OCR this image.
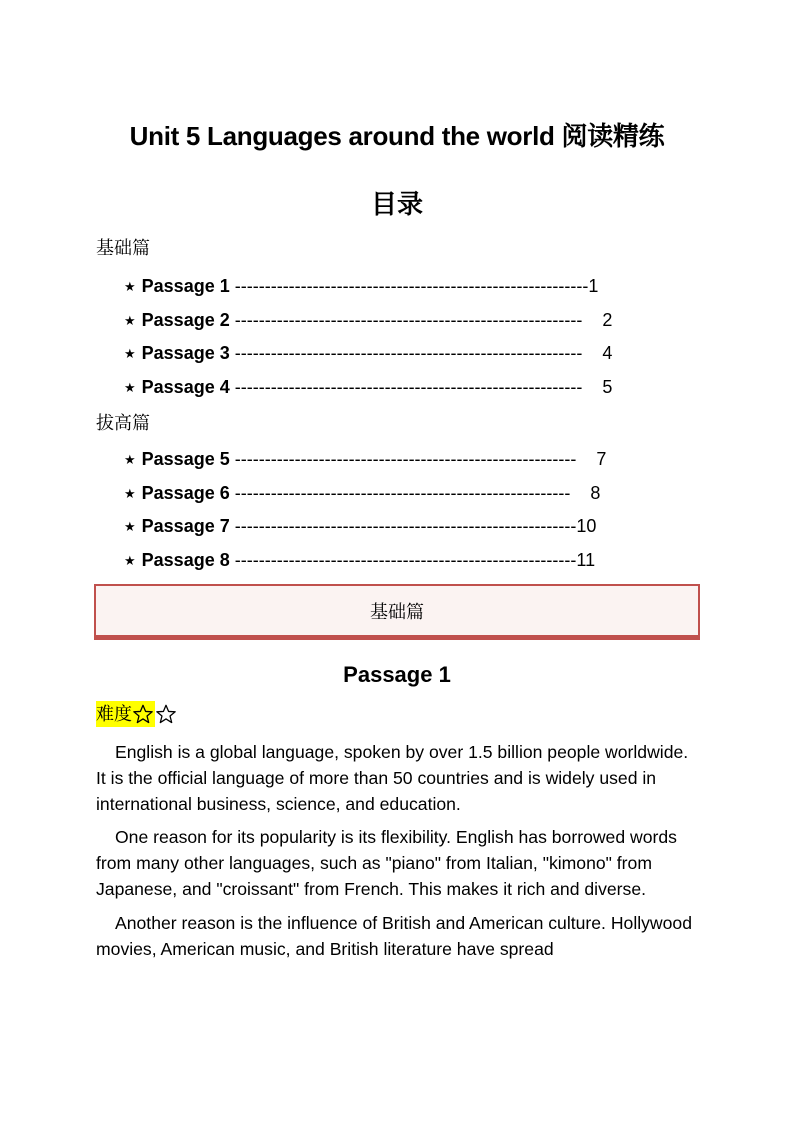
Unit 5 Languages around the world 阅读精练
目录
基础篇
★ Passage 1 -----------------------------------------------------------1
★ Passage 2 ----------------------------------------------------------    2
★ Passage 3 ----------------------------------------------------------    4
★ Passage 4 ----------------------------------------------------------    5
拔高篇
★ Passage 5 ---------------------------------------------------------    7
★ Passage 6 --------------------------------------------------------    8
★ Passage 7 ---------------------------------------------------------10
★ Passage 8 ---------------------------------------------------------11
基础篇
Passage 1
难度

English is a global language, spoken by over 1.5 billion people worldwide. It is the official language of more than 50 countries and is widely used in international business, science, and education.

One reason for its popularity is its flexibility. English has borrowed words from many other languages, such as "piano" from Italian, "kimono" from Japanese, and "croissant" from French. This makes it rich and diverse.

Another reason is the influence of British and American culture. Hollywood movies, American music, and British literature have spread
